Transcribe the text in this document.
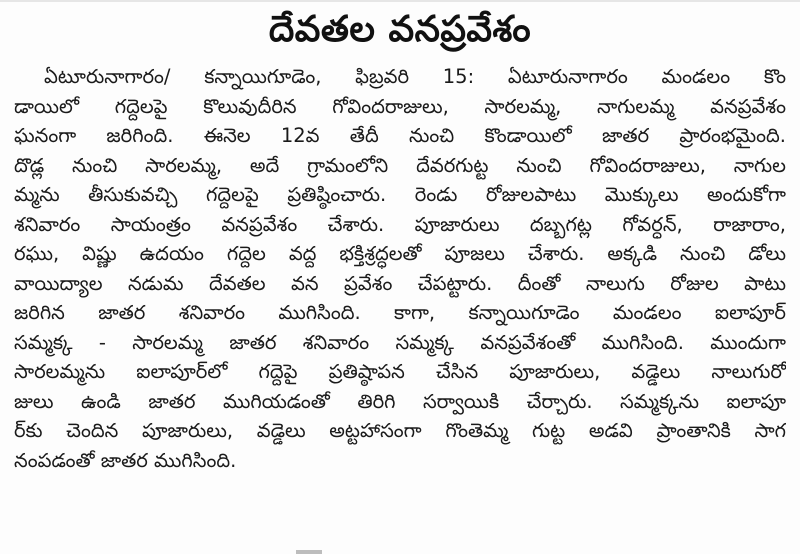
దేవతల వనప్రవేశం
ఏటూరునాగారం/ కన్నాయిగూడెం, ఫిబ్రవరి 15: ఏటూరునాగారం మండలం కొం
డాయిలో గద్దెలపై కొలువుదీరిన గోవిందరాజులు, సారలమ్మ, నాగులమ్మ వనప్రవేశం
ఘనంగా జరిగింది. ఈనెల 12వ తేదీ నుంచి కొండాయిలో జాతర ప్రారంభమైంది.
దొడ్ల నుంచి సారలమ్మ, అదే గ్రామంలోని దేవరగుట్ట నుంచి గోవిందరాజులు, నాగుల
మ్మను తీసుకువచ్చి గద్దెలపై ప్రతిష్ఠించారు. రెండు రోజులపాటు మొక్కులు అందుకోగా
శనివారం సాయంత్రం వనప్రవేశం చేశారు. పూజారులు దబ్బగట్ల గోవర్ధన్, రాజారాం,
రఘు, విష్ణు ఉదయం గద్దెల వద్ద భక్తిశ్రద్ధలతో పూజలు చేశారు. అక్కడి నుంచి డోలు
వాయిద్యాల నడుమ దేవతల వన ప్రవేశం చేపట్టారు. దీంతో నాలుగు రోజుల పాటు
జరిగిన జాతర శనివారం ముగిసింది. కాగా, కన్నాయిగూడెం మండలం ఐలాపూర్
సమ్మక్క - సారలమ్మ జాతర శనివారం సమ్మక్క వనప్రవేశంతో ముగిసింది. ముందుగా
సారలమ్మను ఐలాపూర్‌లో గద్దెపై ప్రతిష్ఠాపన చేసిన పూజారులు, వడ్డెలు నాలుగురో
జులు ఉండి జాతర ముగియడంతో తిరిగి సర్వాయికి చేర్చారు. సమ్మక్కను ఐలాపూ
ర్‌కు చెందిన పూజారులు, వడ్డెలు అట్టహాసంగా గొంతెమ్మ గుట్ట అడవి ప్రాంతానికి సాగ
నంపడంతో జాతర ముగిసింది.
